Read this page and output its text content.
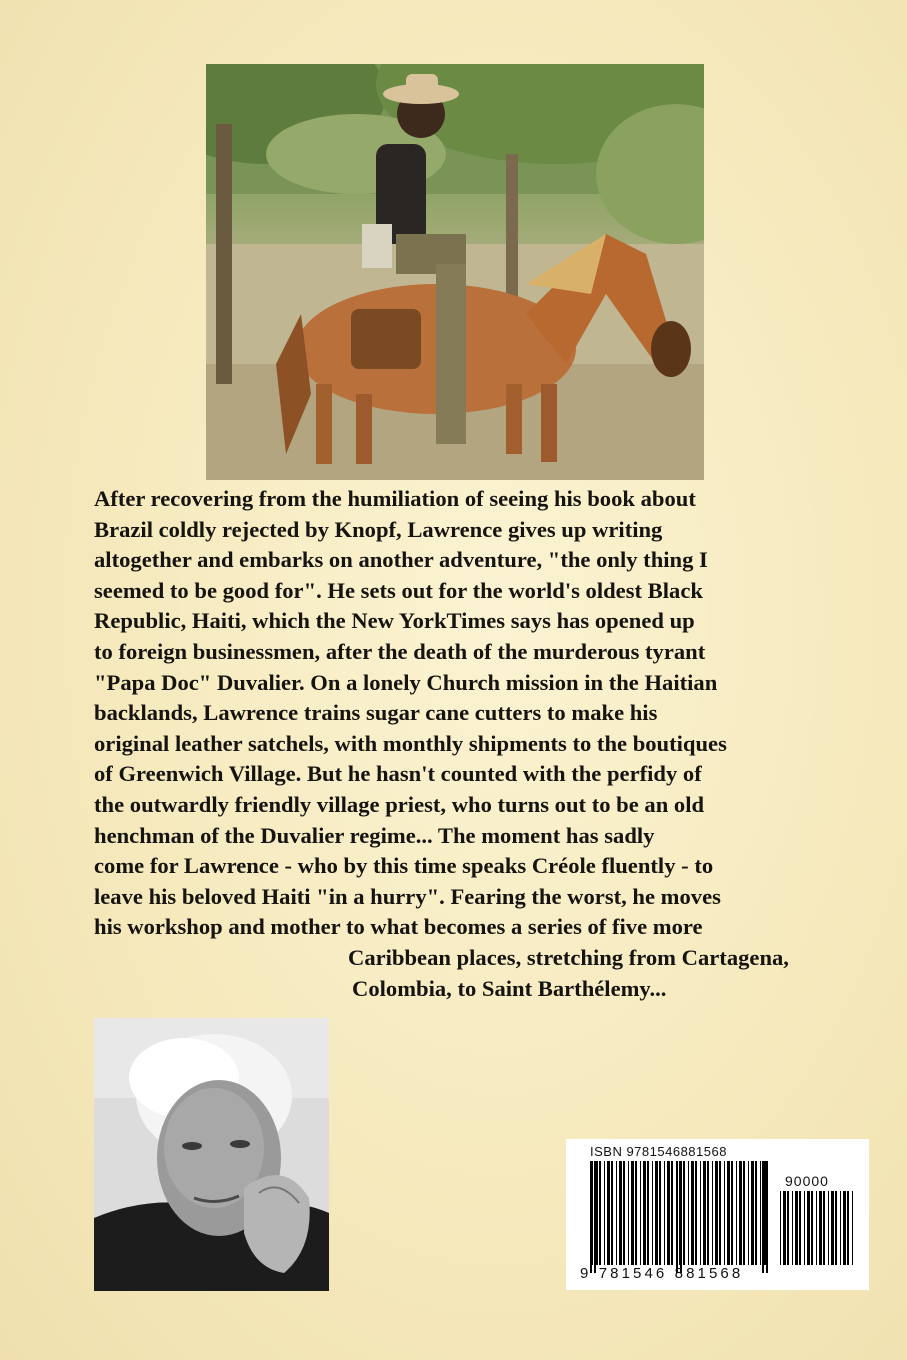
After recovering from the humiliation of seeing his book about
Brazil coldly rejected by Knopf, Lawrence gives up writing
altogether and embarks on another adventure, "the only thing I
seemed to be good for". He sets out for the world's oldest Black
Republic, Haiti, which the New YorkTimes says has opened up
to foreign businessmen, after the death of the murderous tyrant
"Papa Doc" Duvalier. On a lonely Church mission in the Haitian
backlands, Lawrence trains sugar cane cutters to make his
original leather satchels, with monthly shipments to the boutiques
of Greenwich Village. But he hasn't counted with the perfidy of
the outwardly friendly village priest, who turns out to be an old
henchman of the Duvalier regime... The moment has sadly
come for Lawrence - who by this time speaks Créole fluently - to
leave his beloved Haiti "in a hurry". Fearing the worst, he moves
his workshop and mother to what becomes a series of five more
Caribbean places, stretching from Cartagena,
Colombia, to Saint Barthélemy...

ISBN 9781546881568
90000
9 781546 881568
